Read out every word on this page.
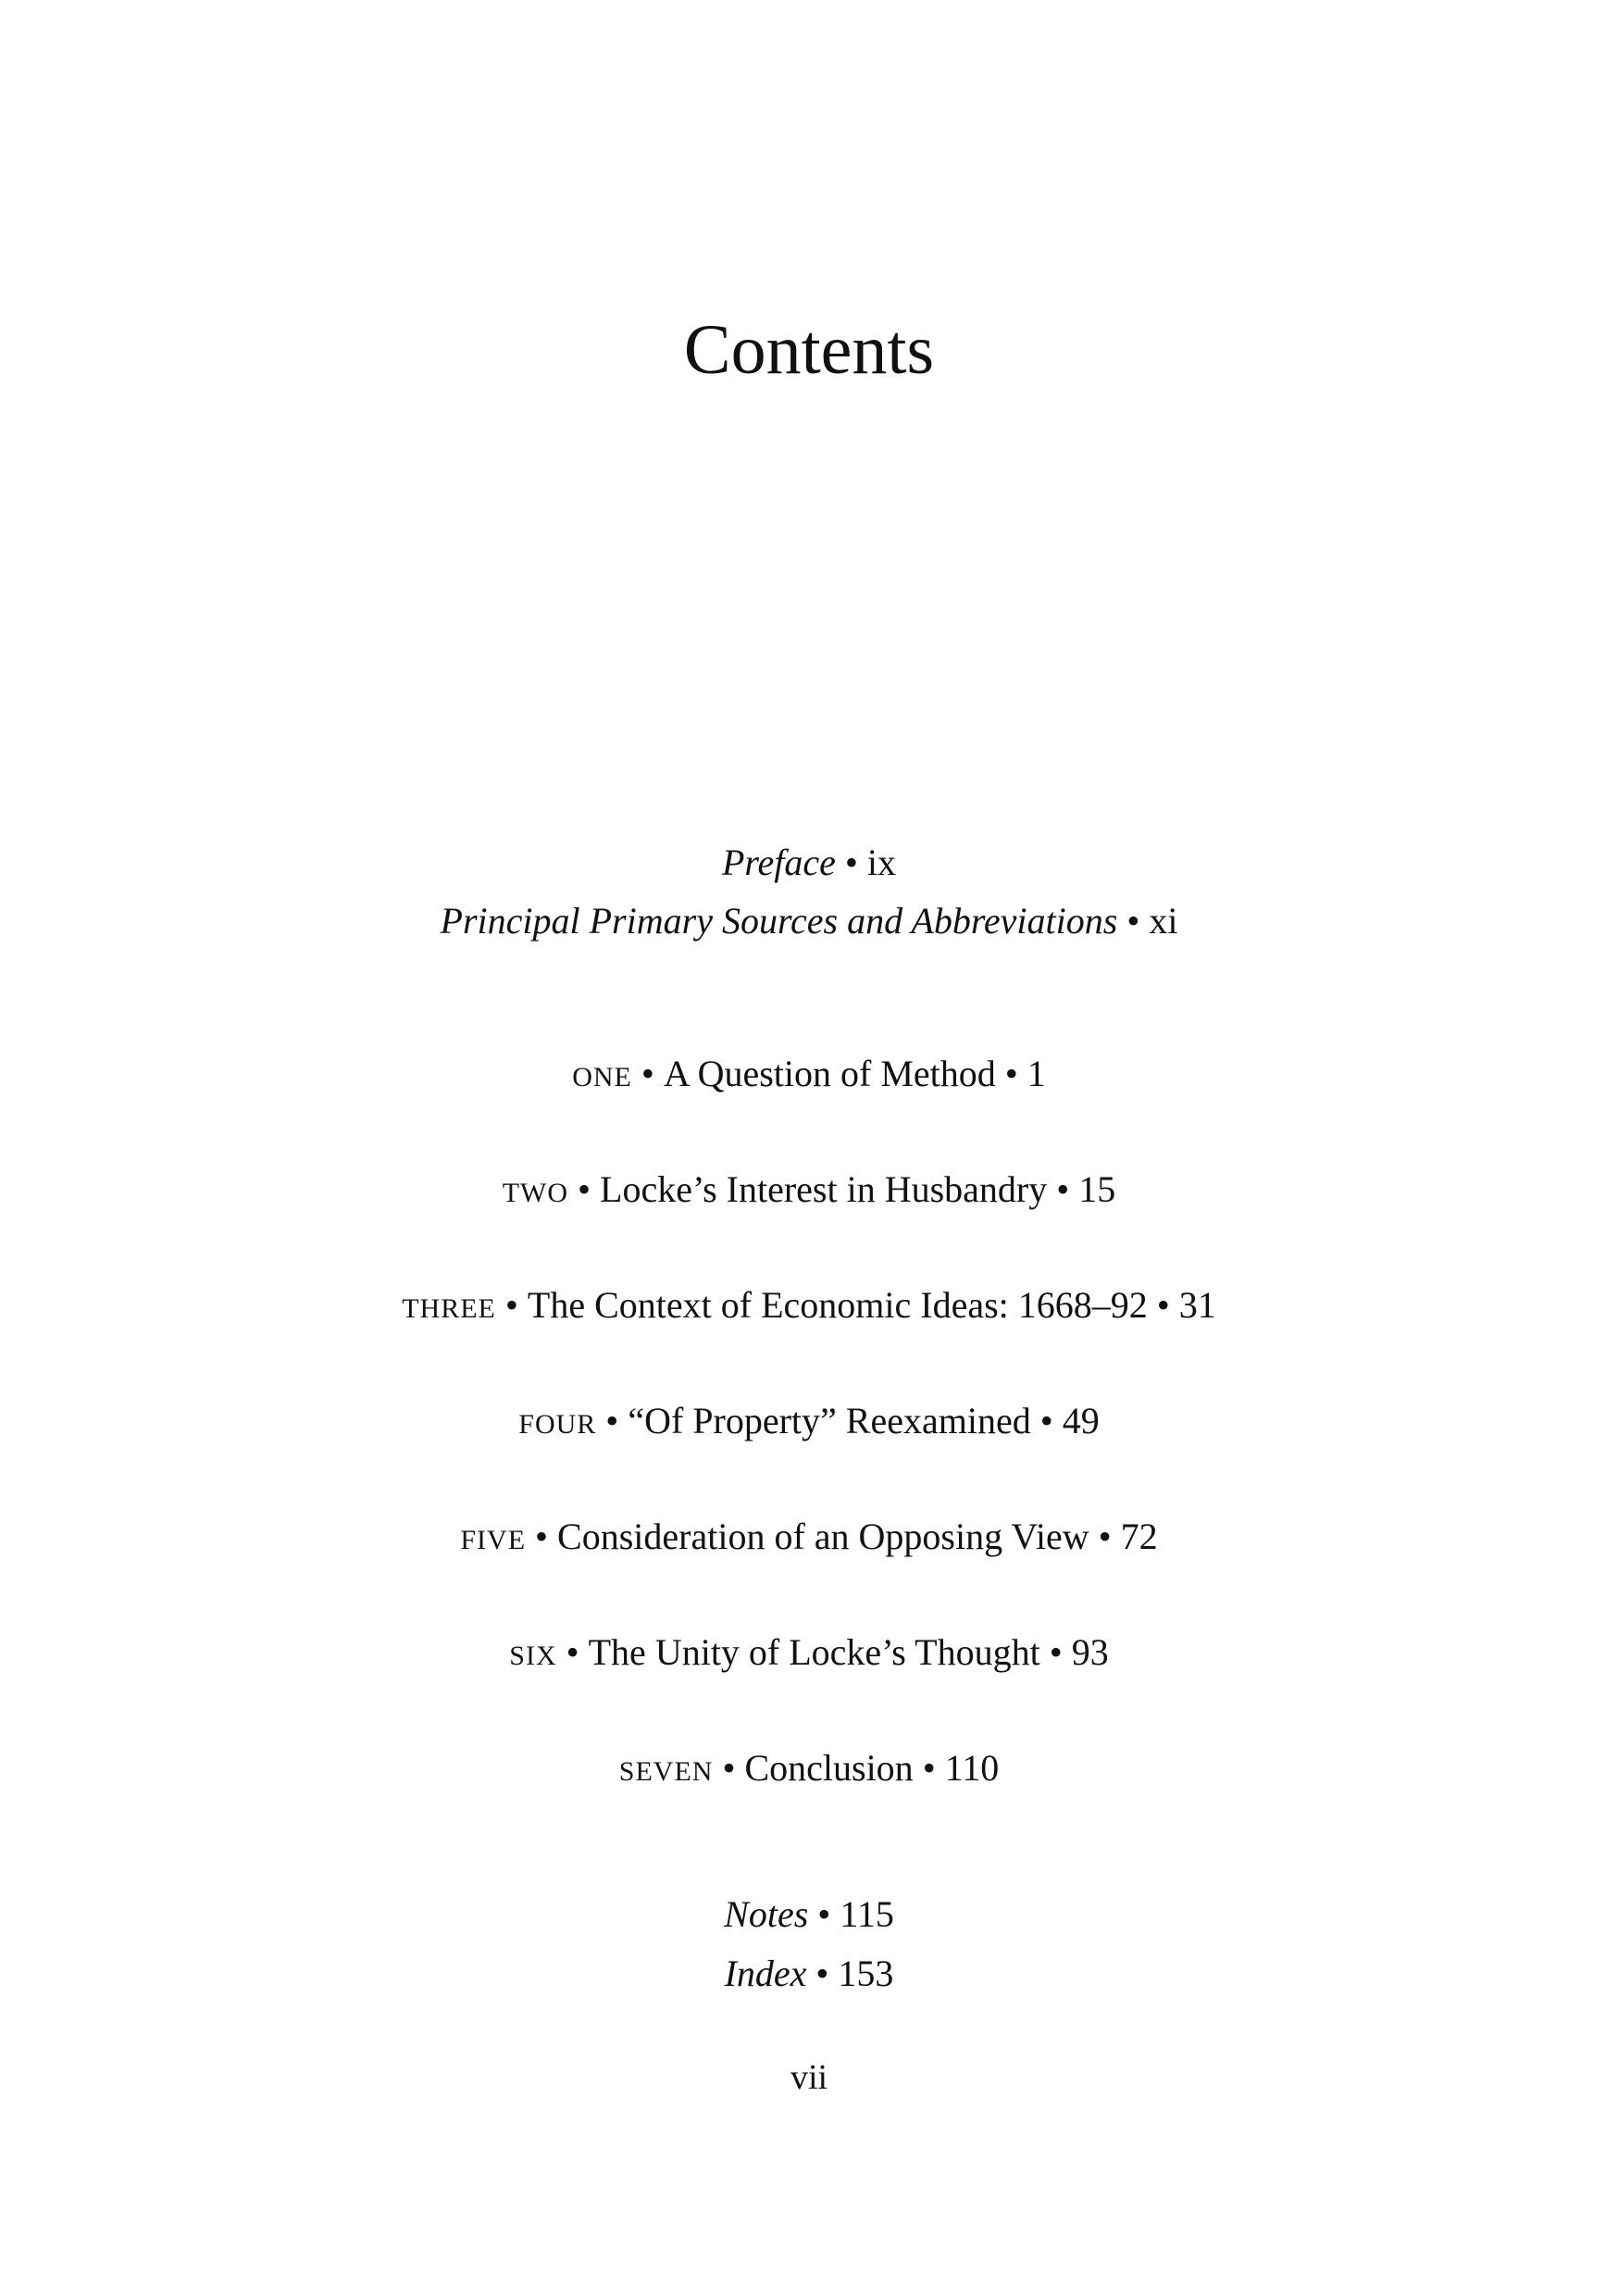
Contents
Preface • ix
Principal Primary Sources and Abbreviations • xi
ONE • A Question of Method • 1
TWO • Locke’s Interest in Husbandry • 15
THREE • The Context of Economic Ideas: 1668–92 • 31
FOUR • “Of Property” Reexamined • 49
FIVE • Consideration of an Opposing View • 72
SIX • The Unity of Locke’s Thought • 93
SEVEN • Conclusion • 110
Notes • 115
Index • 153
vii
